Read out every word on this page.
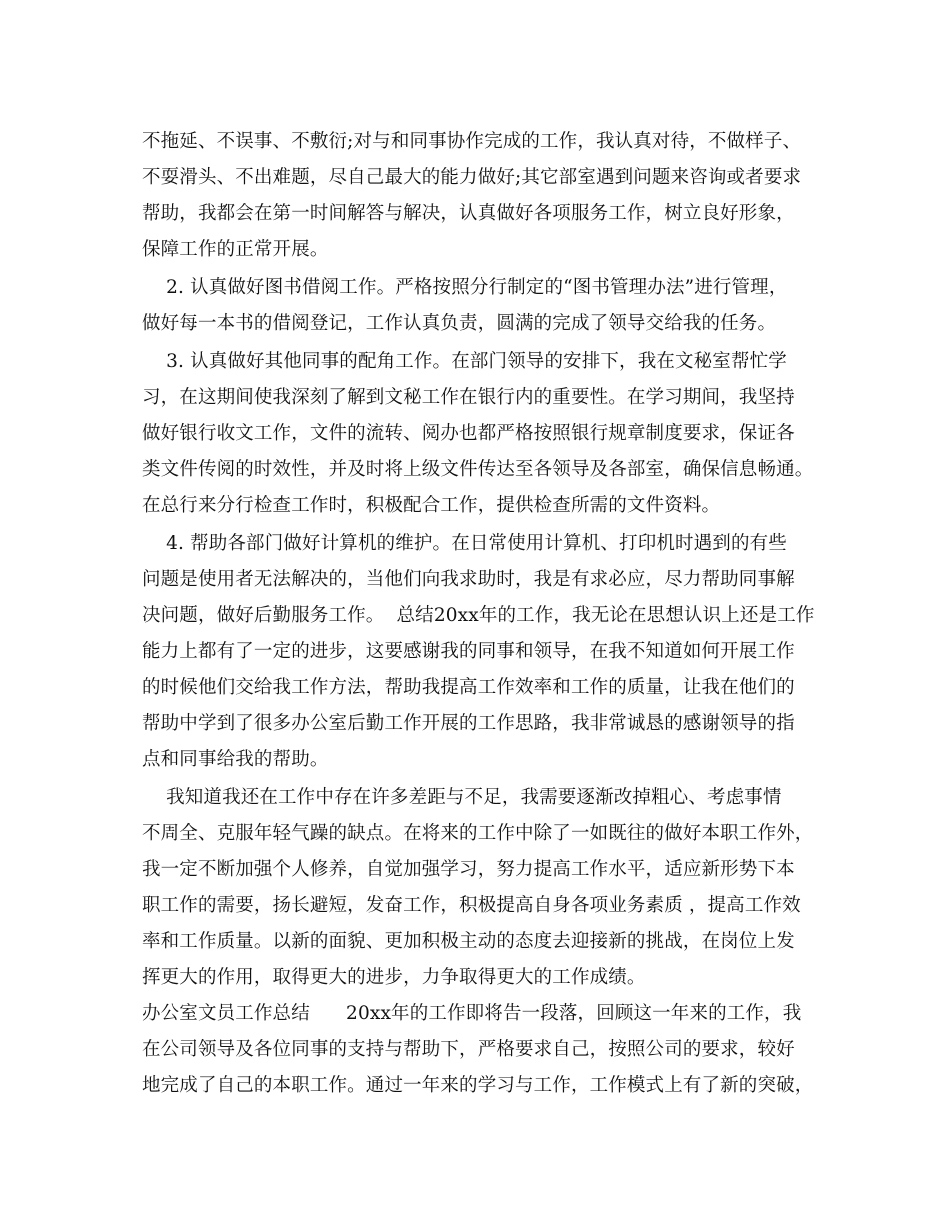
不拖延、不误事、不敷衍;对与和同事协作完成的工作，我认真对待，不做样子、
不耍滑头、不出难题，尽自己最大的能力做好;其它部室遇到问题来咨询或者要求
帮助，我都会在第一时间解答与解决，认真做好各项服务工作，树立良好形象，
保障工作的正常开展。
2. 认真做好图书借阅工作。严格按照分行制定的“图书管理办法”进行管理，
做好每一本书的借阅登记，工作认真负责，圆满的完成了领导交给我的任务。
3. 认真做好其他同事的配角工作。在部门领导的安排下，我在文秘室帮忙学
习，在这期间使我深刻了解到文秘工作在银行内的重要性。在学习期间，我坚持
做好银行收文工作，文件的流转、阅办也都严格按照银行规章制度要求，保证各
类文件传阅的时效性，并及时将上级文件传达至各领导及各部室，确保信息畅通。
在总行来分行检查工作时，积极配合工作，提供检查所需的文件资料。
4. 帮助各部门做好计算机的维护。在日常使用计算机、打印机时遇到的有些
问题是使用者无法解决的，当他们向我求助时，我是有求必应，尽力帮助同事解
决问题，做好后勤服务工作。  总结20xx年的工作，我无论在思想认识上还是工作
能力上都有了一定的进步，这要感谢我的同事和领导，在我不知道如何开展工作
的时候他们交给我工作方法，帮助我提高工作效率和工作的质量，让我在他们的
帮助中学到了很多办公室后勤工作开展的工作思路，我非常诚恳的感谢领导的指
点和同事给我的帮助。
我知道我还在工作中存在许多差距与不足，我需要逐渐改掉粗心、考虑事情
不周全、克服年轻气躁的缺点。在将来的工作中除了一如既往的做好本职工作外，
我一定不断加强个人修养，自觉加强学习，努力提高工作水平，适应新形势下本
职工作的需要，扬长避短，发奋工作，积极提高自身各项业务素质 ，提高工作效
率和工作质量。以新的面貌、更加积极主动的态度去迎接新的挑战，在岗位上发
挥更大的作用，取得更大的进步，力争取得更大的工作成绩。
办公室文员工作总结      20xx年的工作即将告一段落，回顾这一年来的工作，我
在公司领导及各位同事的支持与帮助下，严格要求自己，按照公司的要求，较好
地完成了自己的本职工作。通过一年来的学习与工作，工作模式上有了新的突破，
